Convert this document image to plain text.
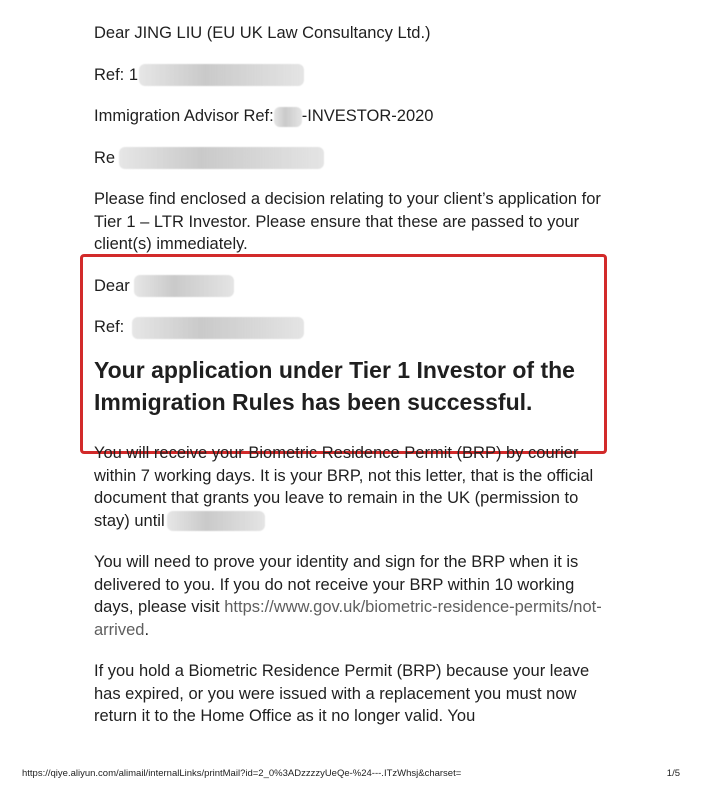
Dear JING LIU (EU UK Law Consultancy Ltd.)

Ref: 1

Immigration Advisor Ref: -INVESTOR-2020

Re

Please find enclosed a decision relating to your client’s application for Tier 1 – LTR Investor. Please ensure that these are passed to your client(s) immediately.

Dear

Ref:

Your application under Tier 1 Investor of the Immigration Rules has been successful.

You will receive your Biometric Residence Permit (BRP) by courier within 7 working days. It is your BRP, not this letter, that is the official document that grants you leave to remain in the UK (permission to stay) until

You will need to prove your identity and sign for the BRP when it is delivered to you. If you do not receive your BRP within 10 working days, please visit https://www.gov.uk/biometric-residence-permits/not-arrived.

If you hold a Biometric Residence Permit (BRP) because your leave has expired, or you were issued with a replacement you must now return it to the Home Office as it no longer valid. You

https://qiye.aliyun.com/alimail/internalLinks/printMail?id=2_0%3ADzzzzyUeQe-%24---.ITzWhsj&charset=	1/5
